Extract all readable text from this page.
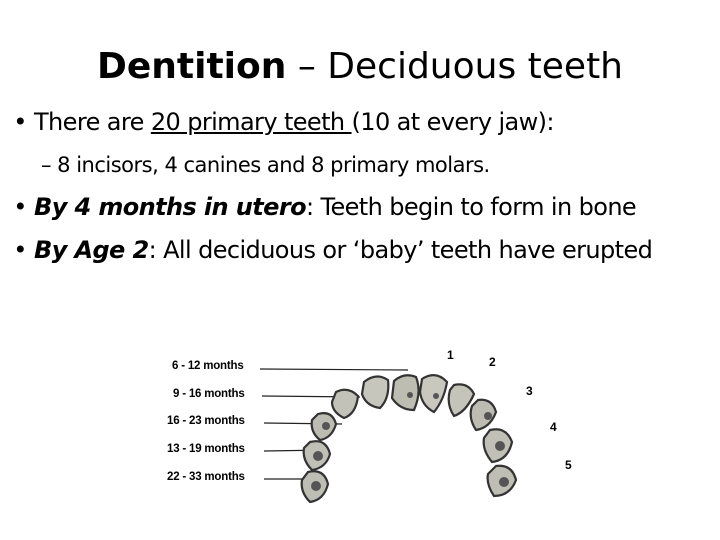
Dentition – Deciduous teeth
• There are 20 primary teeth (10 at every jaw):
– 8 incisors, 4 canines and 8 primary molars.
• By 4 months in utero: Teeth begin to form in bone
• By Age 2: All deciduous or ‘baby’ teeth have erupted
6 - 12 months
9 - 16 months
16 - 23 months
13 - 19 months
22 - 33 months
1	2
3
4
5
